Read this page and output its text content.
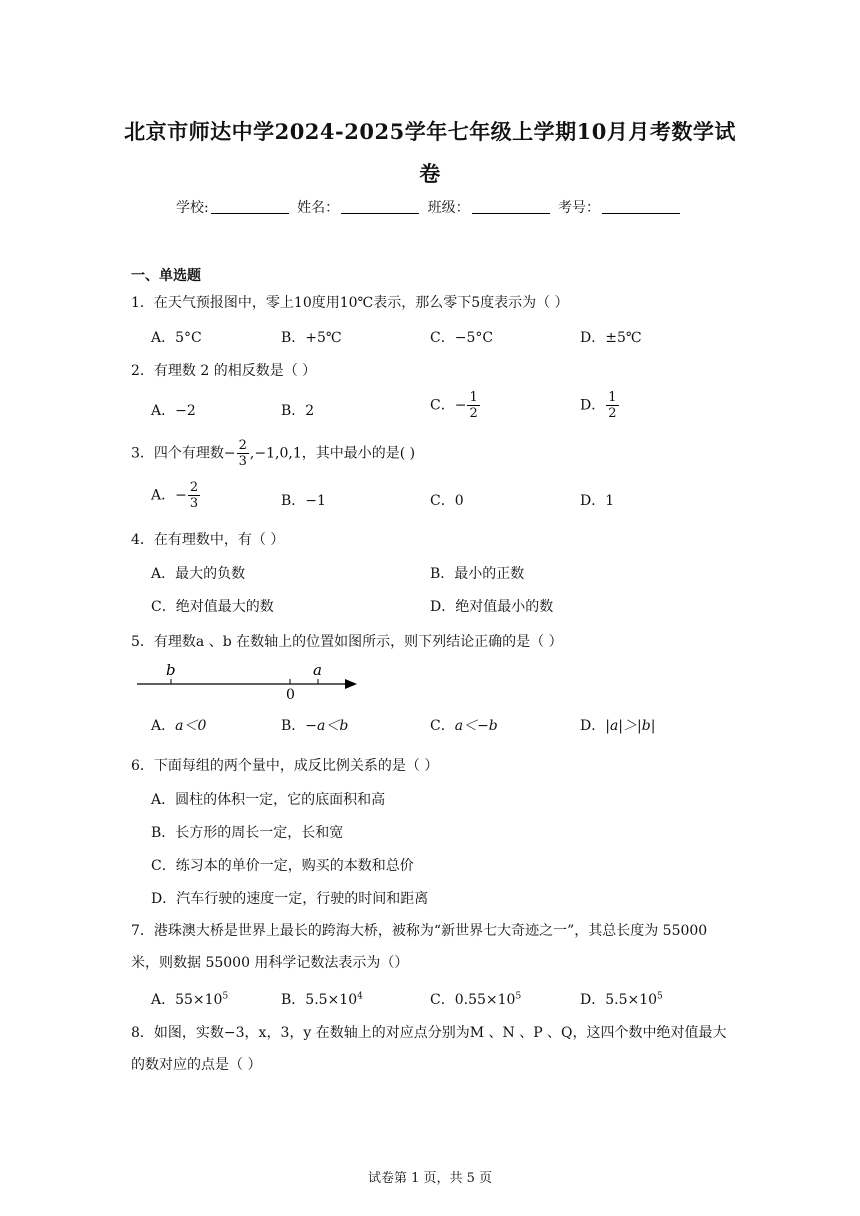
北京市师达中学2024-2025学年七年级上学期10月月考数学试
卷
学校:	姓名：	班级：	考号：
一、单选题
1．在天气预报图中，零上10度用10℃表示，那么零下5度表示为（ ）
A．5°C	B．+5℃	C．−5°C	D．±5℃
2．有理数 2 的相反数是（ ）
A．−2	B．2	C．− $\frac{1}{2}$	D． $\frac{1}{2}$
3．四个有理数− $\frac{2}{3} ,-1,0,1$，其中最小的是( )
A．− $\frac{2}{3}$	B．−1	C．0	D．1
4．在有理数中，有（ ）
A．最大的负数	B．最小的正数
C．绝对值最大的数	D．绝对值最小的数
5．有理数a 、b 在数轴上的位置如图所示，则下列结论正确的是（ ）
b	a
0
A．a＜0	B．−a＜b	C．a＜−b	D．|a|＞|b|
6．下面每组的两个量中，成反比例关系的是（ ）
A．圆柱的体积一定，它的底面积和高
B．长方形的周长一定，长和宽
C．练习本的单价一定，购买的本数和总价
D．汽车行驶的速度一定，行驶的时间和距离
7．港珠澳大桥是世界上最长的跨海大桥，被称为“新世界七大奇迹之一”，其总长度为 55000 米，则数据 55000 用科学记数法表示为（）
A．$55\times 10^5$	B．$5.5\times 10^4$	C．$0.55\times 10^5$	D．$5.5\times 10^5$
8．如图，实数−3，x，3，y 在数轴上的对应点分别为M 、N 、P 、Q，这四个数中绝对值最大的数对应的点是（ ）
试卷第 1 页，共 5 页
